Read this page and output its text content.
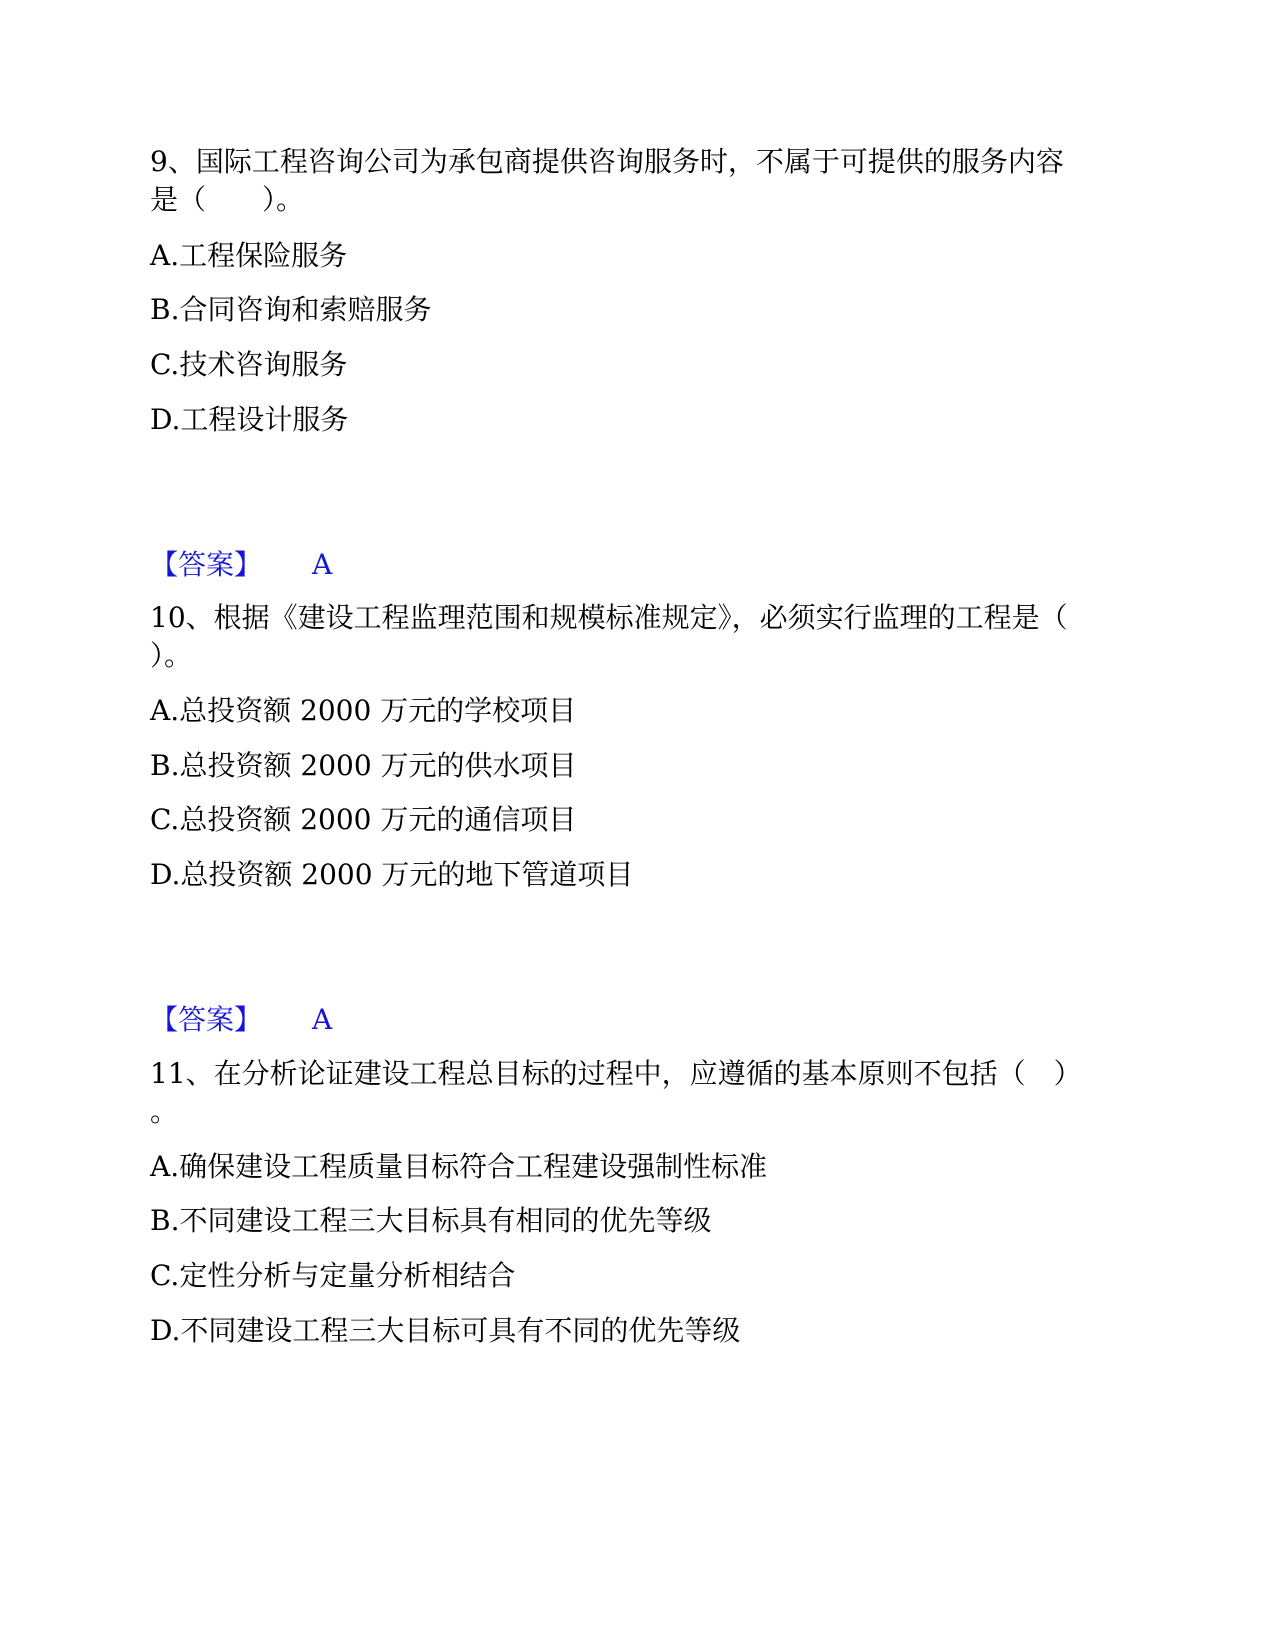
9、国际工程咨询公司为承包商提供咨询服务时，不属于可提供的服务内容
是（　　）。
A.工程保险服务
B.合同咨询和索赔服务
C.技术咨询服务
D.工程设计服务
【答案】 A
10、根据《建设工程监理范围和规模标准规定》，必须实行监理的工程是（
）。
A.总投资额 2000 万元的学校项目
B.总投资额 2000 万元的供水项目
C.总投资额 2000 万元的通信项目
D.总投资额 2000 万元的地下管道项目
【答案】 A
11、在分析论证建设工程总目标的过程中，应遵循的基本原则不包括（　）
。
A.确保建设工程质量目标符合工程建设强制性标准
B.不同建设工程三大目标具有相同的优先等级
C.定性分析与定量分析相结合
D.不同建设工程三大目标可具有不同的优先等级
